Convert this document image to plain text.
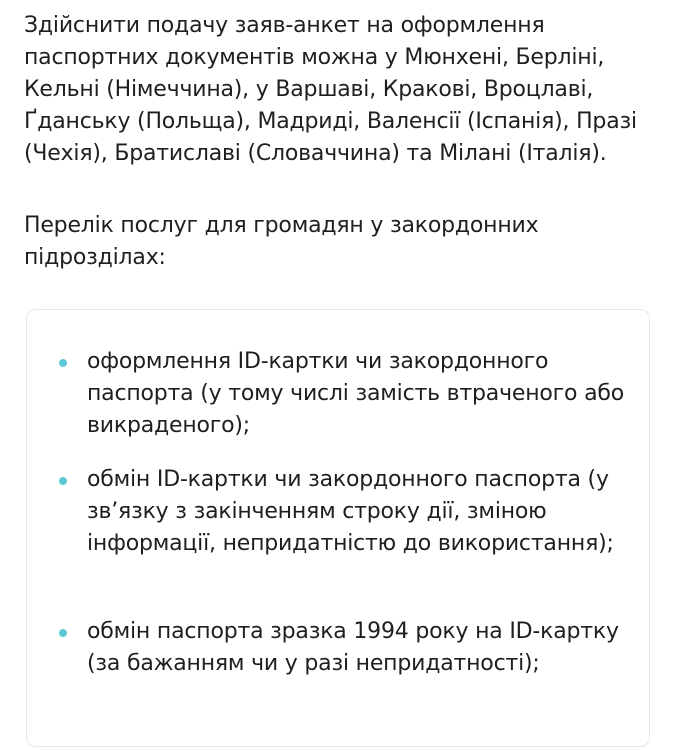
Здійснити подачу заяв-анкет на оформлення паспортних документів можна у Мюнхені, Берліні, Кельні (Німеччина), у Варшаві, Кракові, Вроцлаві, Ґданську (Польща), Мадриді, Валенсії (Іспанія), Празі (Чехія), Братиславі (Словаччина) та Мілані (Італія).

Перелік послуг для громадян у закордонних підрозділах:

оформлення ID-картки чи закордонного паспорта (у тому числі замість втраченого або викраденого);
обмін ID-картки чи закордонного паспорта (у зв’язку з закінченням строку дії, зміною інформації, непридатністю до використання);
обмін паспорта зразка 1994 року на ID-картку (за бажанням чи у разі непридатності);
